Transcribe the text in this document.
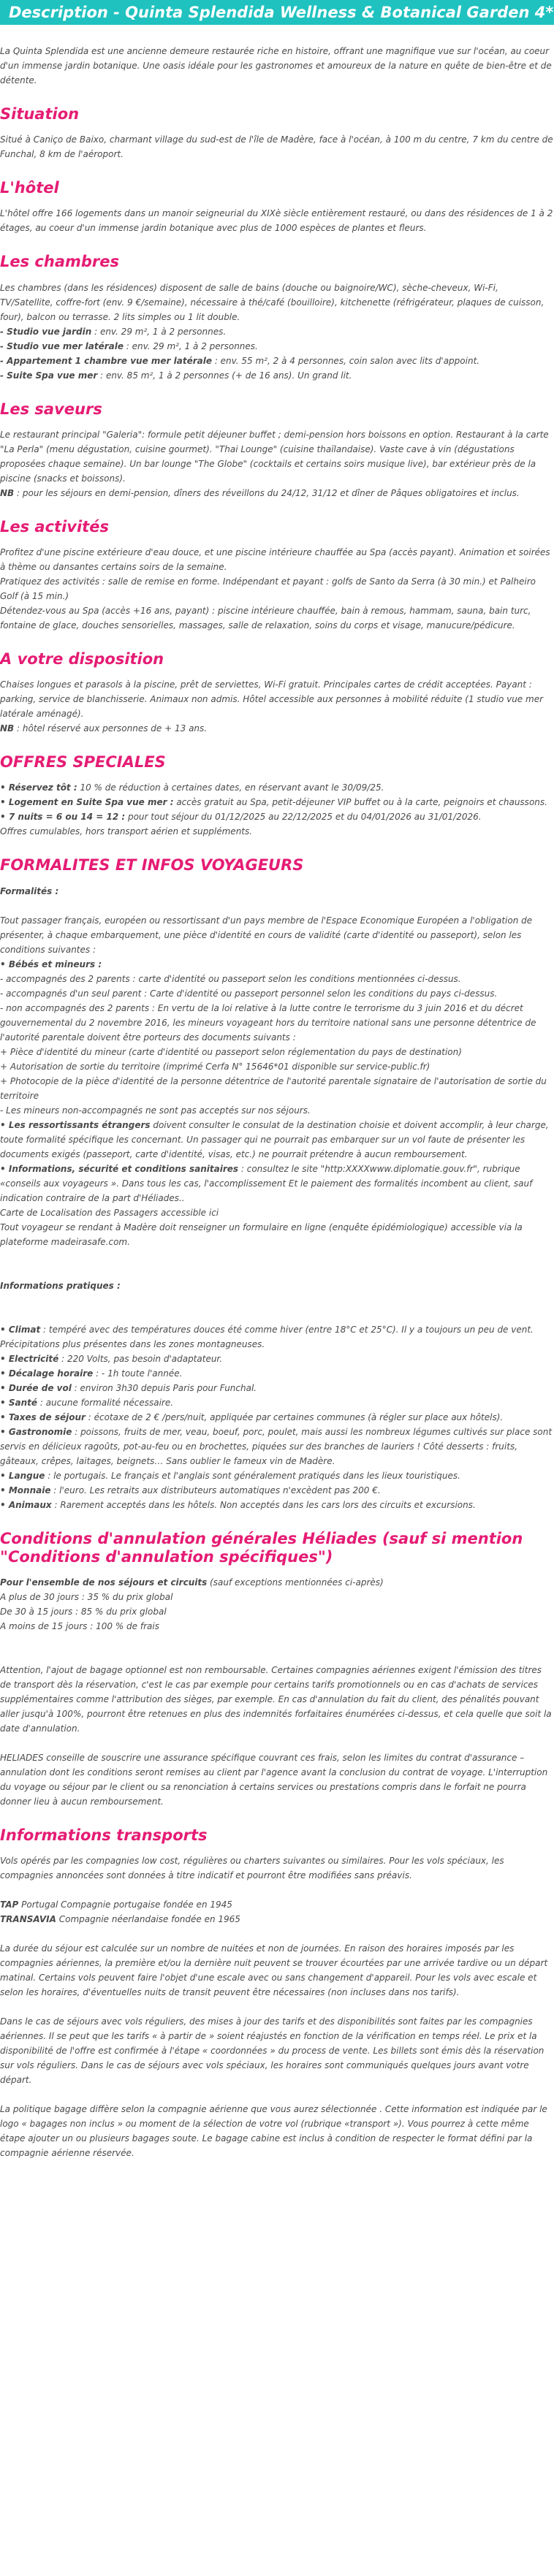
Description - Quinta Splendida Wellness & Botanical Garden 4*
La Quinta Splendida est une ancienne demeure restaurée riche en histoire, offrant une magnifique vue sur l'océan, au coeur d'un immense jardin botanique. Une oasis idéale pour les gastronomes et amoureux de la nature en quête de bien-être et de détente.
Situation
Situé à Caniço de Baixo, charmant village du sud-est de l'île de Madère, face à l'océan, à 100 m du centre, 7 km du centre de Funchal, 8 km de l'aéroport.
L'hôtel
L'hôtel offre 166 logements dans un manoir seigneurial du XIXè siècle entièrement restauré, ou dans des résidences de 1 à 2 étages, au coeur d'un immense jardin botanique avec plus de 1000 espèces de plantes et fleurs.
Les chambres
Les chambres (dans les résidences) disposent de salle de bains (douche ou baignoire/WC), sèche-cheveux, Wi-Fi, TV/Satellite, coffre-fort (env. 9 €/semaine), nécessaire à thé/café (bouilloire), kitchenette (réfrigérateur, plaques de cuisson, four), balcon ou terrasse. 2 lits simples ou 1 lit double.
- Studio vue jardin : env. 29 m², 1 à 2 personnes.
- Studio vue mer latérale : env. 29 m², 1 à 2 personnes.
- Appartement 1 chambre vue mer latérale : env. 55 m², 2 à 4 personnes, coin salon avec lits d'appoint.
- Suite Spa vue mer : env. 85 m², 1 à 2 personnes (+ de 16 ans). Un grand lit.
Les saveurs
Le restaurant principal "Galeria": formule petit déjeuner buffet ; demi-pension hors boissons en option. Restaurant à la carte "La Perla" (menu dégustation, cuisine gourmet). "Thai Lounge" (cuisine thaïlandaise). Vaste cave à vin (dégustations proposées chaque semaine). Un bar lounge "The Globe" (cocktails et certains soirs musique live), bar extérieur près de la piscine (snacks et boissons).
NB : pour les séjours en demi-pension, dîners des réveillons du 24/12, 31/12 et dîner de Pâques obligatoires et inclus.
Les activités
Profitez d'une piscine extérieure d'eau douce, et une piscine intérieure chauffée au Spa (accès payant). Animation et soirées à thème ou dansantes certains soirs de la semaine.
Pratiquez des activités : salle de remise en forme. Indépendant et payant : golfs de Santo da Serra (à 30 min.) et Palheiro Golf (à 15 min.)
Détendez-vous au Spa (accès +16 ans, payant) : piscine intérieure chauffée, bain à remous, hammam, sauna, bain turc, fontaine de glace, douches sensorielles, massages, salle de relaxation, soins du corps et visage, manucure/pédicure.
A votre disposition
Chaises longues et parasols à la piscine, prêt de serviettes, Wi-Fi gratuit. Principales cartes de crédit acceptées. Payant : parking, service de blanchisserie. Animaux non admis. Hôtel accessible aux personnes à mobilité réduite (1 studio vue mer latérale aménagé).
NB : hôtel réservé aux personnes de + 13 ans.
OFFRES SPECIALES
• Réservez tôt : 10 % de réduction à certaines dates, en réservant avant le 30/09/25.
• Logement en Suite Spa vue mer : accès gratuit au Spa, petit-déjeuner VIP buffet ou à la carte, peignoirs et chaussons.
• 7 nuits = 6 ou 14 = 12 : pour tout séjour du 01/12/2025 au 22/12/2025 et du 04/01/2026 au 31/01/2026.
Offres cumulables, hors transport aérien et suppléments.
FORMALITES ET INFOS VOYAGEURS
Formalités :
Tout passager français, européen ou ressortissant d'un pays membre de l'Espace Economique Européen a l'obligation de présenter, à chaque embarquement, une pièce d'identité en cours de validité (carte d'identité ou passeport), selon les conditions suivantes :
• Bébés et mineurs :
- accompagnés des 2 parents : carte d'identité ou passeport selon les conditions mentionnées ci-dessus.
- accompagnés d'un seul parent : Carte d'identité ou passeport personnel selon les conditions du pays ci-dessus.
- non accompagnés des 2 parents : En vertu de la loi relative à la lutte contre le terrorisme du 3 juin 2016 et du décret gouvernemental du 2 novembre 2016, les mineurs voyageant hors du territoire national sans une personne détentrice de l'autorité parentale doivent être porteurs des documents suivants :
+ Pièce d'identité du mineur (carte d'identité ou passeport selon réglementation du pays de destination)
+ Autorisation de sortie du territoire (imprimé Cerfa N° 15646*01 disponible sur service-public.fr)
+ Photocopie de la pièce d'identité de la personne détentrice de l'autorité parentale signataire de l'autorisation de sortie du territoire
- Les mineurs non-accompagnés ne sont pas acceptés sur nos séjours.
• Les ressortissants étrangers doivent consulter le consulat de la destination choisie et doivent accomplir, à leur charge, toute formalité spécifique les concernant. Un passager qui ne pourrait pas embarquer sur un vol faute de présenter les documents exigés (passeport, carte d'identité, visas, etc.) ne pourrait prétendre à aucun remboursement.
• Informations, sécurité et conditions sanitaires : consultez le site "http:XXXXwww.diplomatie.gouv.fr", rubrique «conseils aux voyageurs ». Dans tous les cas, l'accomplissement Et le paiement des formalités incombent au client, sauf indication contraire de la part d'Héliades..
Carte de Localisation des Passagers accessible ici
Tout voyageur se rendant à Madère doit renseigner un formulaire en ligne (enquête épidémiologique) accessible via la plateforme madeirasafe.com.
Informations pratiques :
• Climat : tempéré avec des températures douces été comme hiver (entre 18°C et 25°C). Il y a toujours un peu de vent. Précipitations plus présentes dans les zones montagneuses.
• Electricité : 220 Volts, pas besoin d'adaptateur.
• Décalage horaire : - 1h toute l'année.
• Durée de vol : environ 3h30 depuis Paris pour Funchal.
• Santé : aucune formalité nécessaire.
• Taxes de séjour : écotaxe de 2 € /pers/nuit, appliquée par certaines communes (à régler sur place aux hôtels).
• Gastronomie : poissons, fruits de mer, veau, boeuf, porc, poulet, mais aussi les nombreux légumes cultivés sur place sont servis en délicieux ragoûts, pot-au-feu ou en brochettes, piquées sur des branches de lauriers ! Côté desserts : fruits, gâteaux, crêpes, laitages, beignets… Sans oublier le fameux vin de Madère.
• Langue : le portugais. Le français et l'anglais sont généralement pratiqués dans les lieux touristiques.
• Monnaie : l'euro. Les retraits aux distributeurs automatiques n'excèdent pas 200 €.
• Animaux : Rarement acceptés dans les hôtels. Non acceptés dans les cars lors des circuits et excursions.
Conditions d'annulation générales Héliades (sauf si mention "Conditions d'annulation spécifiques")
Pour l'ensemble de nos séjours et circuits (sauf exceptions mentionnées ci-après)
A plus de 30 jours : 35 % du prix global
De 30 à 15 jours : 85 % du prix global
A moins de 15 jours : 100 % de frais
Attention, l'ajout de bagage optionnel est non remboursable. Certaines compagnies aériennes exigent l'émission des titres de transport dès la réservation, c'est le cas par exemple pour certains tarifs promotionnels ou en cas d'achats de services supplémentaires comme l'attribution des sièges, par exemple. En cas d'annulation du fait du client, des pénalités pouvant aller jusqu'à 100%, pourront être retenues en plus des indemnités forfaitaires énumérées ci-dessus, et cela quelle que soit la date d'annulation.
HELIADES conseille de souscrire une assurance spécifique couvrant ces frais, selon les limites du contrat d'assurance – annulation dont les conditions seront remises au client par l'agence avant la conclusion du contrat de voyage. L'interruption du voyage ou séjour par le client ou sa renonciation à certains services ou prestations compris dans le forfait ne pourra donner lieu à aucun remboursement.
Informations transports
Vols opérés par les compagnies low cost, régulières ou charters suivantes ou similaires. Pour les vols spéciaux, les compagnies annoncées sont données à titre indicatif et pourront être modifiées sans préavis.
TAP Portugal Compagnie portugaise fondée en 1945
TRANSAVIA Compagnie néerlandaise fondée en 1965
La durée du séjour est calculée sur un nombre de nuitées et non de journées. En raison des horaires imposés par les compagnies aériennes, la première et/ou la dernière nuit peuvent se trouver écourtées par une arrivée tardive ou un départ matinal. Certains vols peuvent faire l'objet d'une escale avec ou sans changement d'appareil. Pour les vols avec escale et selon les horaires, d'éventuelles nuits de transit peuvent être nécessaires (non incluses dans nos tarifs).
Dans le cas de séjours avec vols réguliers, des mises à jour des tarifs et des disponibilités sont faites par les compagnies aériennes. Il se peut que les tarifs « à partir de » soient réajustés en fonction de la vérification en temps réel. Le prix et la disponibilité de l'offre est confirmée à l'étape « coordonnées » du process de vente. Les billets sont émis dès la réservation sur vols réguliers. Dans le cas de séjours avec vols spéciaux, les horaires sont communiqués quelques jours avant votre départ.
La politique bagage diffère selon la compagnie aérienne que vous aurez sélectionnée . Cette information est indiquée par le logo « bagages non inclus » ou moment de la sélection de votre vol (rubrique «transport »). Vous pourrez à cette même étape ajouter un ou plusieurs bagages soute. Le bagage cabine est inclus à condition de respecter le format défini par la compagnie aérienne réservée.
